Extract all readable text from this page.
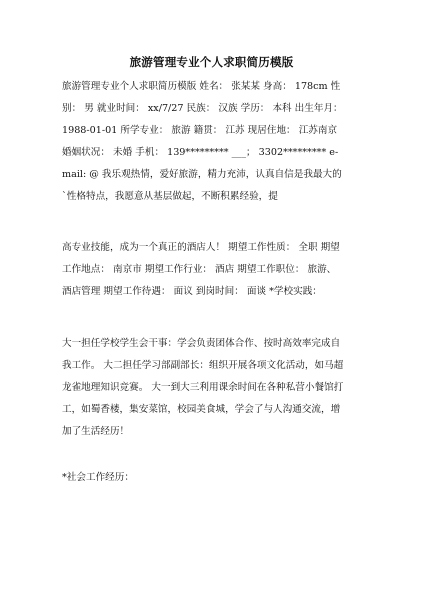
旅游管理专业个人求职简历模版
旅游管理专业个人求职简历模版 姓名： 张某某 身高： 178cm 性
别： 男 就业时间： xx/7/27 民族： 汉族 学历： 本科 出生年月：
1988-01-01 所学专业： 旅游 籍贯： 江苏 现居住地： 江苏南京
婚姻状况： 未婚 手机： 139********* ___； 3302********* e-
mail: @ 我乐观热情，爱好旅游，精力充沛，认真自信是我最大的
`性格特点，我愿意从基层做起，不断积累经验，提
高专业技能，成为一个真正的酒店人！ 期望工作性质： 全职 期望
工作地点： 南京市 期望工作行业： 酒店 期望工作职位： 旅游、
酒店管理 期望工作待遇： 面议 到岗时间： 面谈 *学校实践：
大一担任学校学生会干事：学会负责团体合作、按时高效率完成自
我工作。 大二担任学习部副部长：组织开展各项文化活动，如马超
龙雀地理知识竞赛。 大一到大三利用课余时间在各种私营小餐馆打
工，如蜀香楼，集安菜馆，校园美食城，学会了与人沟通交流，增
加了生活经历！
*社会工作经历：
